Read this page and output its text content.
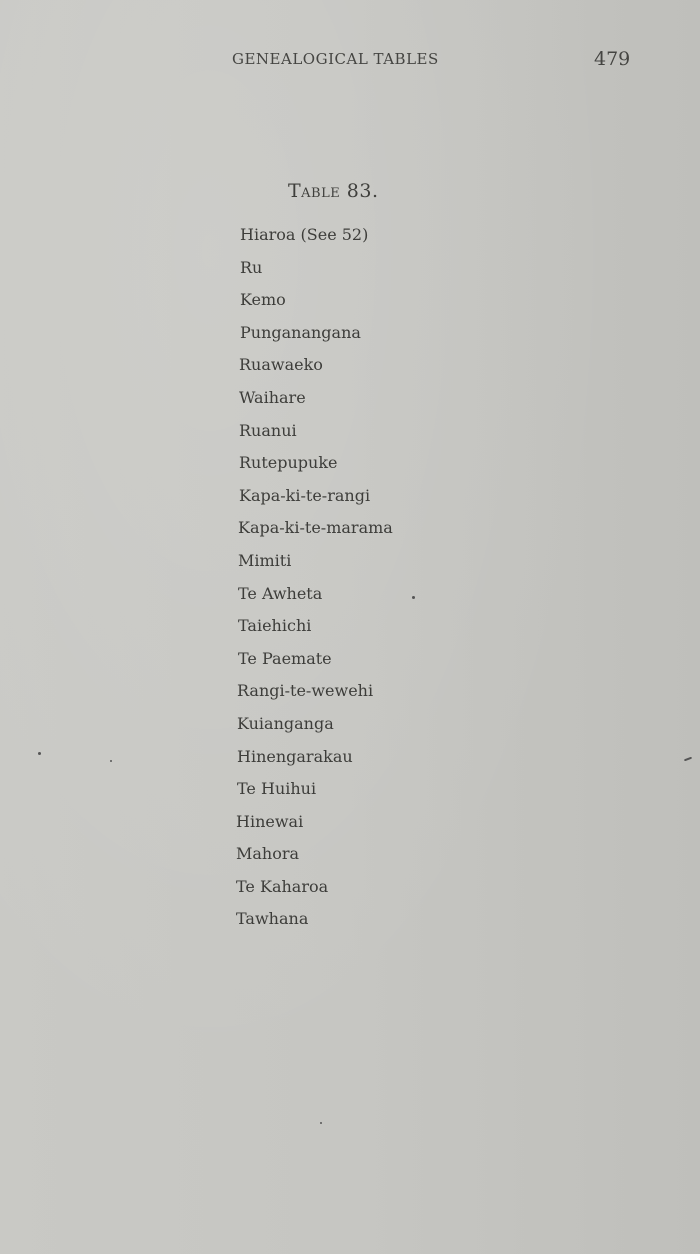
GENEALOGICAL TABLES	479
Table 83.
Hiaroa (See 52)
Ru
Kemo
Punganangana
Ruawaeko
Waihare
Ruanui
Rutepupuke
Kapa-ki-te-rangi
Kapa-ki-te-marama
Mimiti
Te Awheta
Taiehichi
Te Paemate
Rangi-te-wewehi
Kuianganga
Hinengarakau
Te Huihui
Hinewai
Mahora
Te Kaharoa
Tawhana
